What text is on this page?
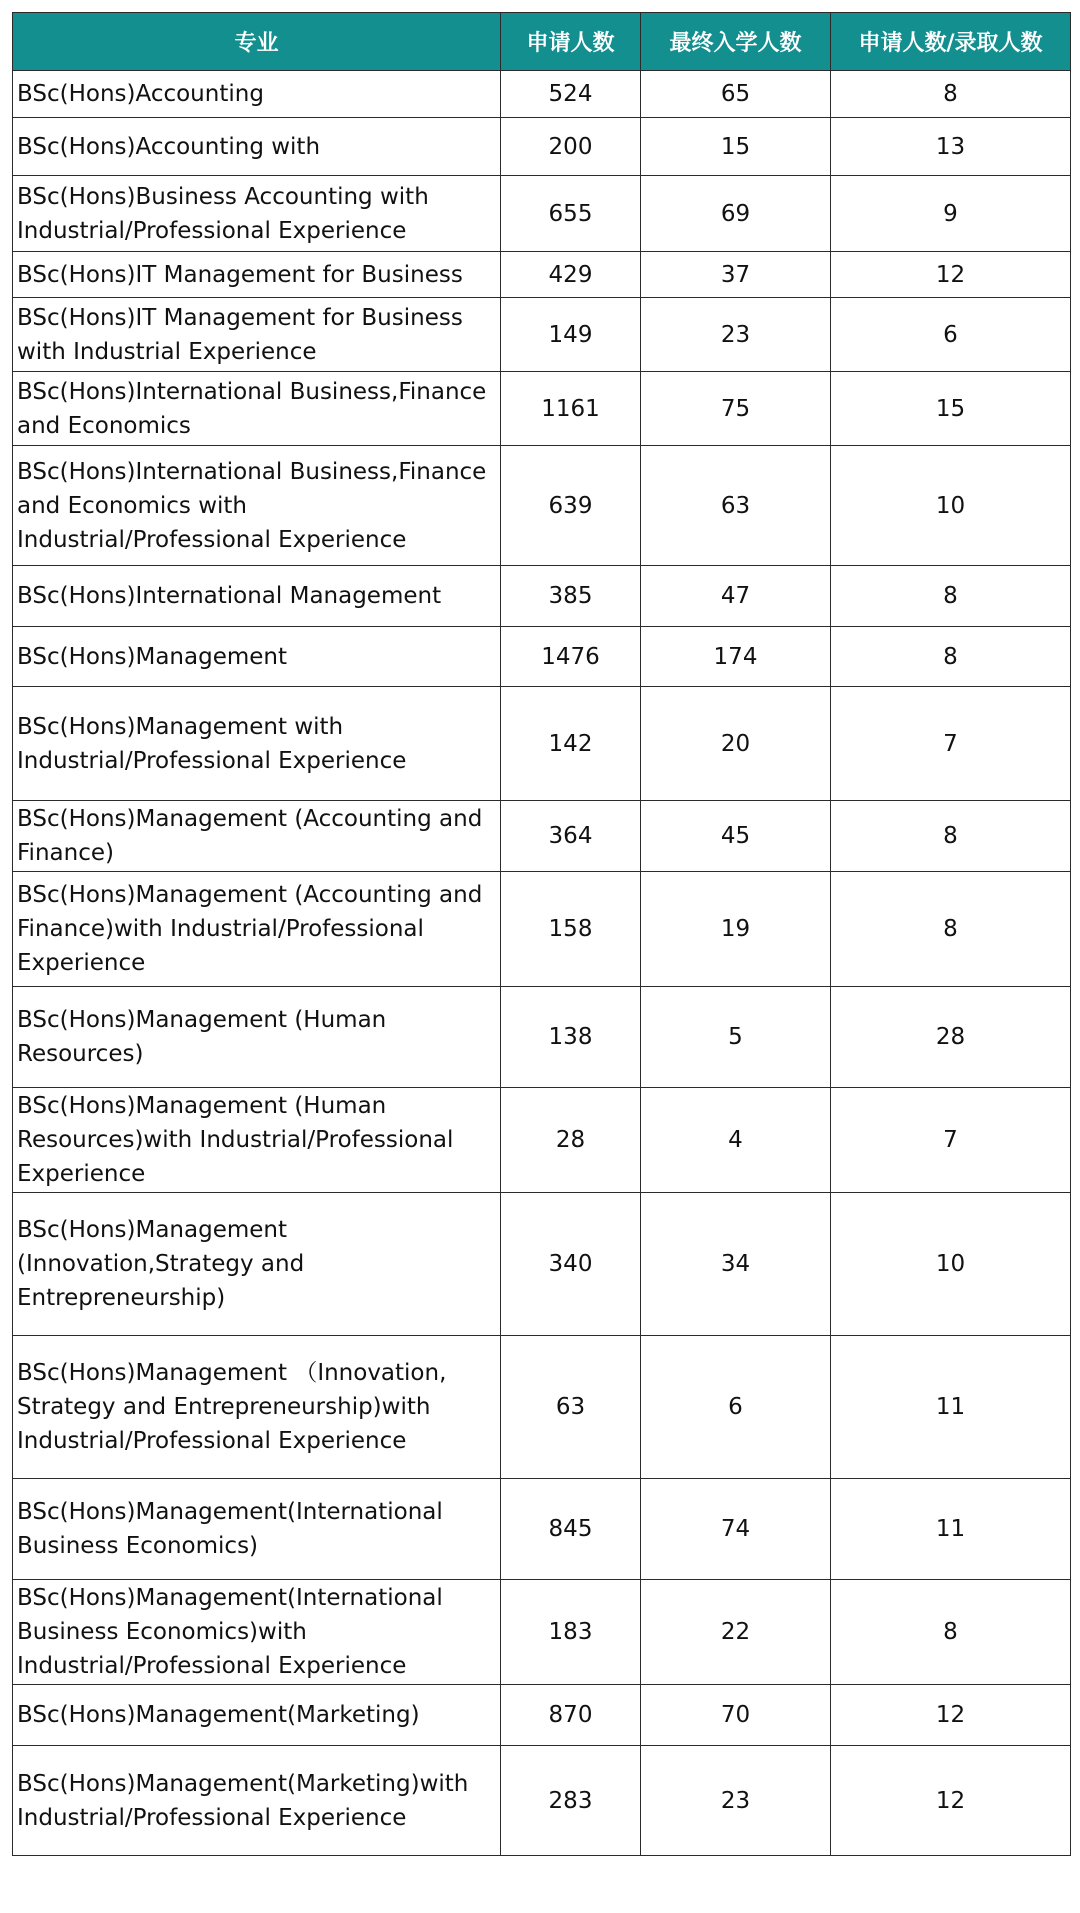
专业	申请人数	最终入学人数	申请人数/录取人数
BSc(Hons)Accounting	524	65	8
BSc(Hons)Accounting with	200	15	13
BSc(Hons)Business Accounting with Industrial/Professional Experience	655	69	9
BSc(Hons)IT Management for Business	429	37	12
BSc(Hons)IT Management for Business with Industrial Experience	149	23	6
BSc(Hons)International Business,Finance and Economics	1161	75	15
BSc(Hons)International Business,Finance and Economics with Industrial/Professional Experience	639	63	10
BSc(Hons)International Management	385	47	8
BSc(Hons)Management	1476	174	8
BSc(Hons)Management with Industrial/Professional Experience	142	20	7
BSc(Hons)Management (Accounting and Finance)	364	45	8
BSc(Hons)Management (Accounting and Finance)with Industrial/Professional Experience	158	19	8
BSc(Hons)Management (Human Resources)	138	5	28
BSc(Hons)Management (Human Resources)with Industrial/Professional Experience	28	4	7
BSc(Hons)Management (Innovation,Strategy and Entrepreneurship)	340	34	10
BSc(Hons)Management （Innovation, Strategy and Entrepreneurship)with Industrial/Professional Experience	63	6	11
BSc(Hons)Management(International Business Economics)	845	74	11
BSc(Hons)Management(International Business Economics)with Industrial/Professional Experience	183	22	8
BSc(Hons)Management(Marketing)	870	70	12
BSc(Hons)Management(Marketing)with Industrial/Professional Experience	283	23	12
